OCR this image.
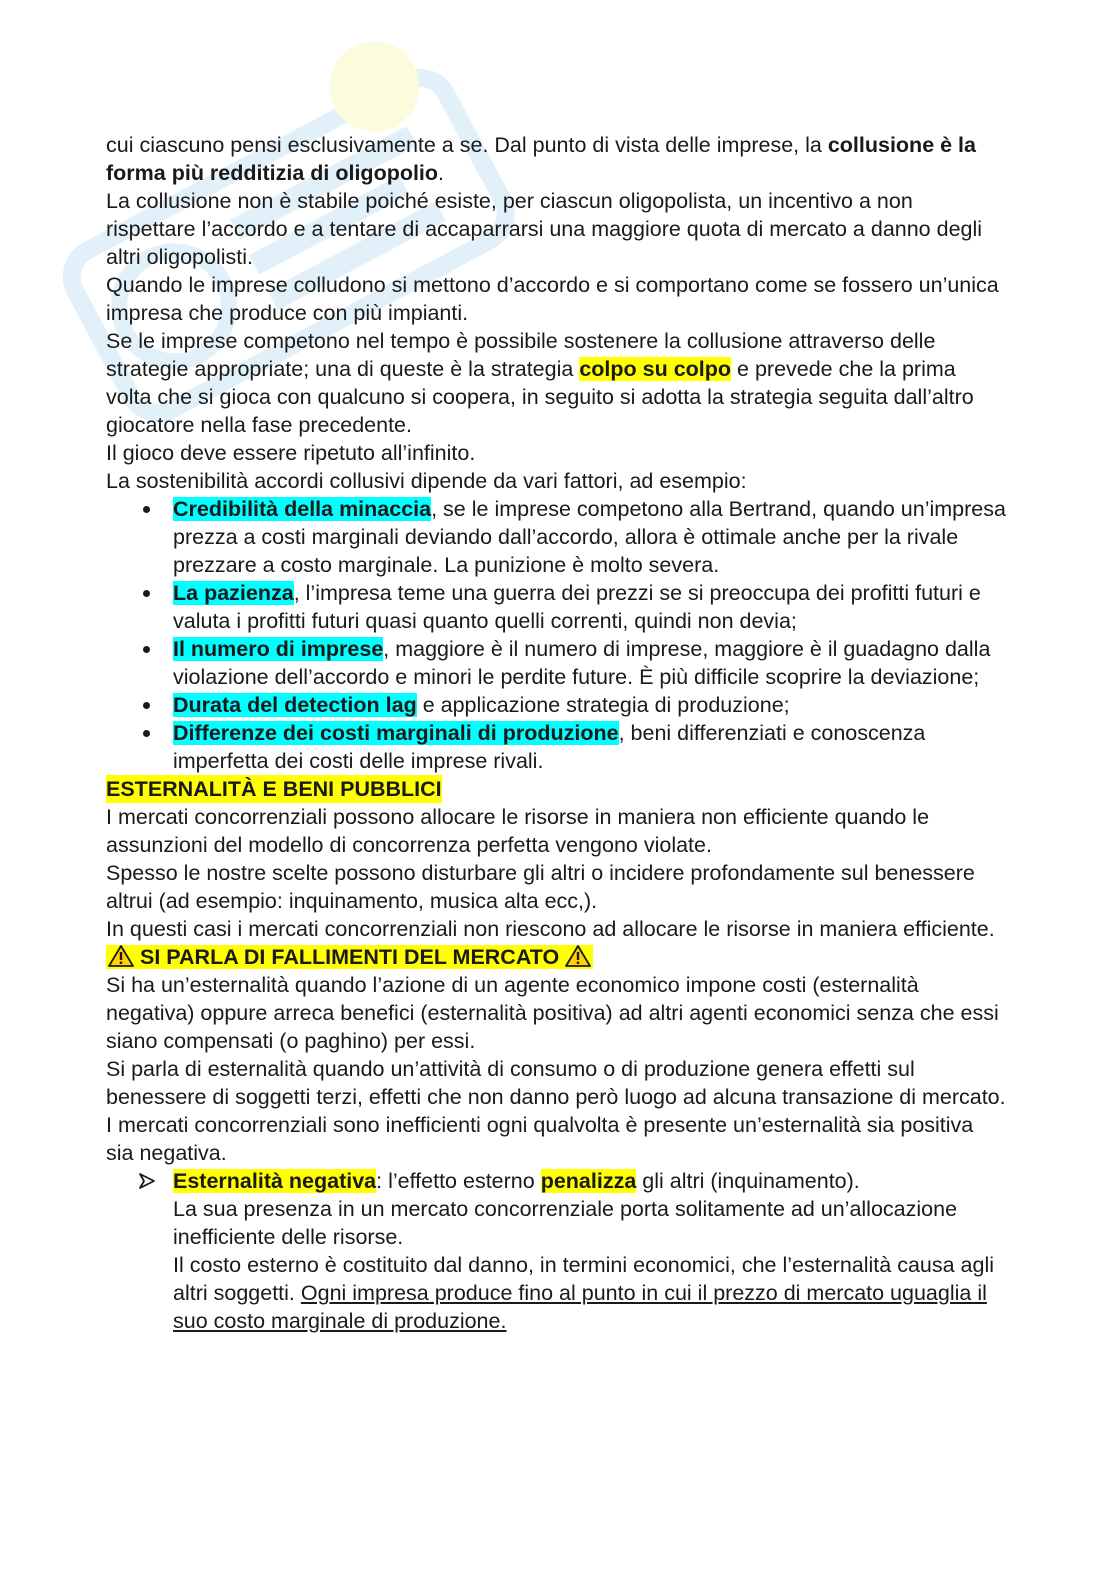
cui ciascuno pensi esclusivamente a se. Dal punto di vista delle imprese, la collusione è la forma più redditizia di oligopolio.

La collusione non è stabile poiché esiste, per ciascun oligopolista, un incentivo a non rispettare l’accordo e a tentare di accaparrarsi una maggiore quota di mercato a danno degli altri oligopolisti.

Quando le imprese colludono si mettono d’accordo e si comportano come se fossero un’unica impresa che produce con più impianti.

Se le imprese competono nel tempo è possibile sostenere la collusione attraverso delle strategie appropriate; una di queste è la strategia colpo su colpo e prevede che la prima volta che si gioca con qualcuno si coopera, in seguito si adotta la strategia seguita dall’altro giocatore nella fase precedente.

Il gioco deve essere ripetuto all’infinito.

La sostenibilità accordi collusivi dipende da vari fattori, ad esempio:

Credibilità della minaccia, se le imprese competono alla Bertrand, quando un’impresa prezza a costi marginali deviando dall’accordo, allora è ottimale anche per la rivale prezzare a costo marginale. La punizione è molto severa.
La pazienza, l’impresa teme una guerra dei prezzi se si preoccupa dei profitti futuri e valuta i profitti futuri quasi quanto quelli correnti, quindi non devia;
Il numero di imprese, maggiore è il numero di imprese, maggiore è il guadagno dalla violazione dell’accordo e minori le perdite future. È più difficile scoprire la deviazione;
Durata del detection lag e applicazione strategia di produzione;
Differenze dei costi marginali di produzione, beni differenziati e conoscenza imperfetta dei costi delle imprese rivali.

ESTERNALITÀ E BENI PUBBLICI

I mercati concorrenziali possono allocare le risorse in maniera non efficiente quando le assunzioni del modello di concorrenza perfetta vengono violate.

Spesso le nostre scelte possono disturbare gli altri o incidere profondamente sul benessere altrui (ad esempio: inquinamento, musica alta ecc,).

In questi casi i mercati concorrenziali non riescono ad allocare le risorse in maniera efficiente.

SI PARLA DI FALLIMENTI DEL MERCATO

Si ha un’esternalità quando l’azione di un agente economico impone costi (esternalità negativa) oppure arreca benefici (esternalità positiva) ad altri agenti economici senza che essi siano compensati (o paghino) per essi.

Si parla di esternalità quando un’attività di consumo o di produzione genera effetti sul benessere di soggetti terzi, effetti che non danno però luogo ad alcuna transazione di mercato.

I mercati concorrenziali sono inefficienti ogni qualvolta è presente un’esternalità sia positiva sia negativa.

Esternalità negativa: l’effetto esterno penalizza gli altri (inquinamento).
La sua presenza in un mercato concorrenziale porta solitamente ad un’allocazione inefficiente delle risorse.
Il costo esterno è costituito dal danno, in termini economici, che l’esternalità causa agli altri soggetti. Ogni impresa produce fino al punto in cui il prezzo di mercato uguaglia il suo costo marginale di produzione.
